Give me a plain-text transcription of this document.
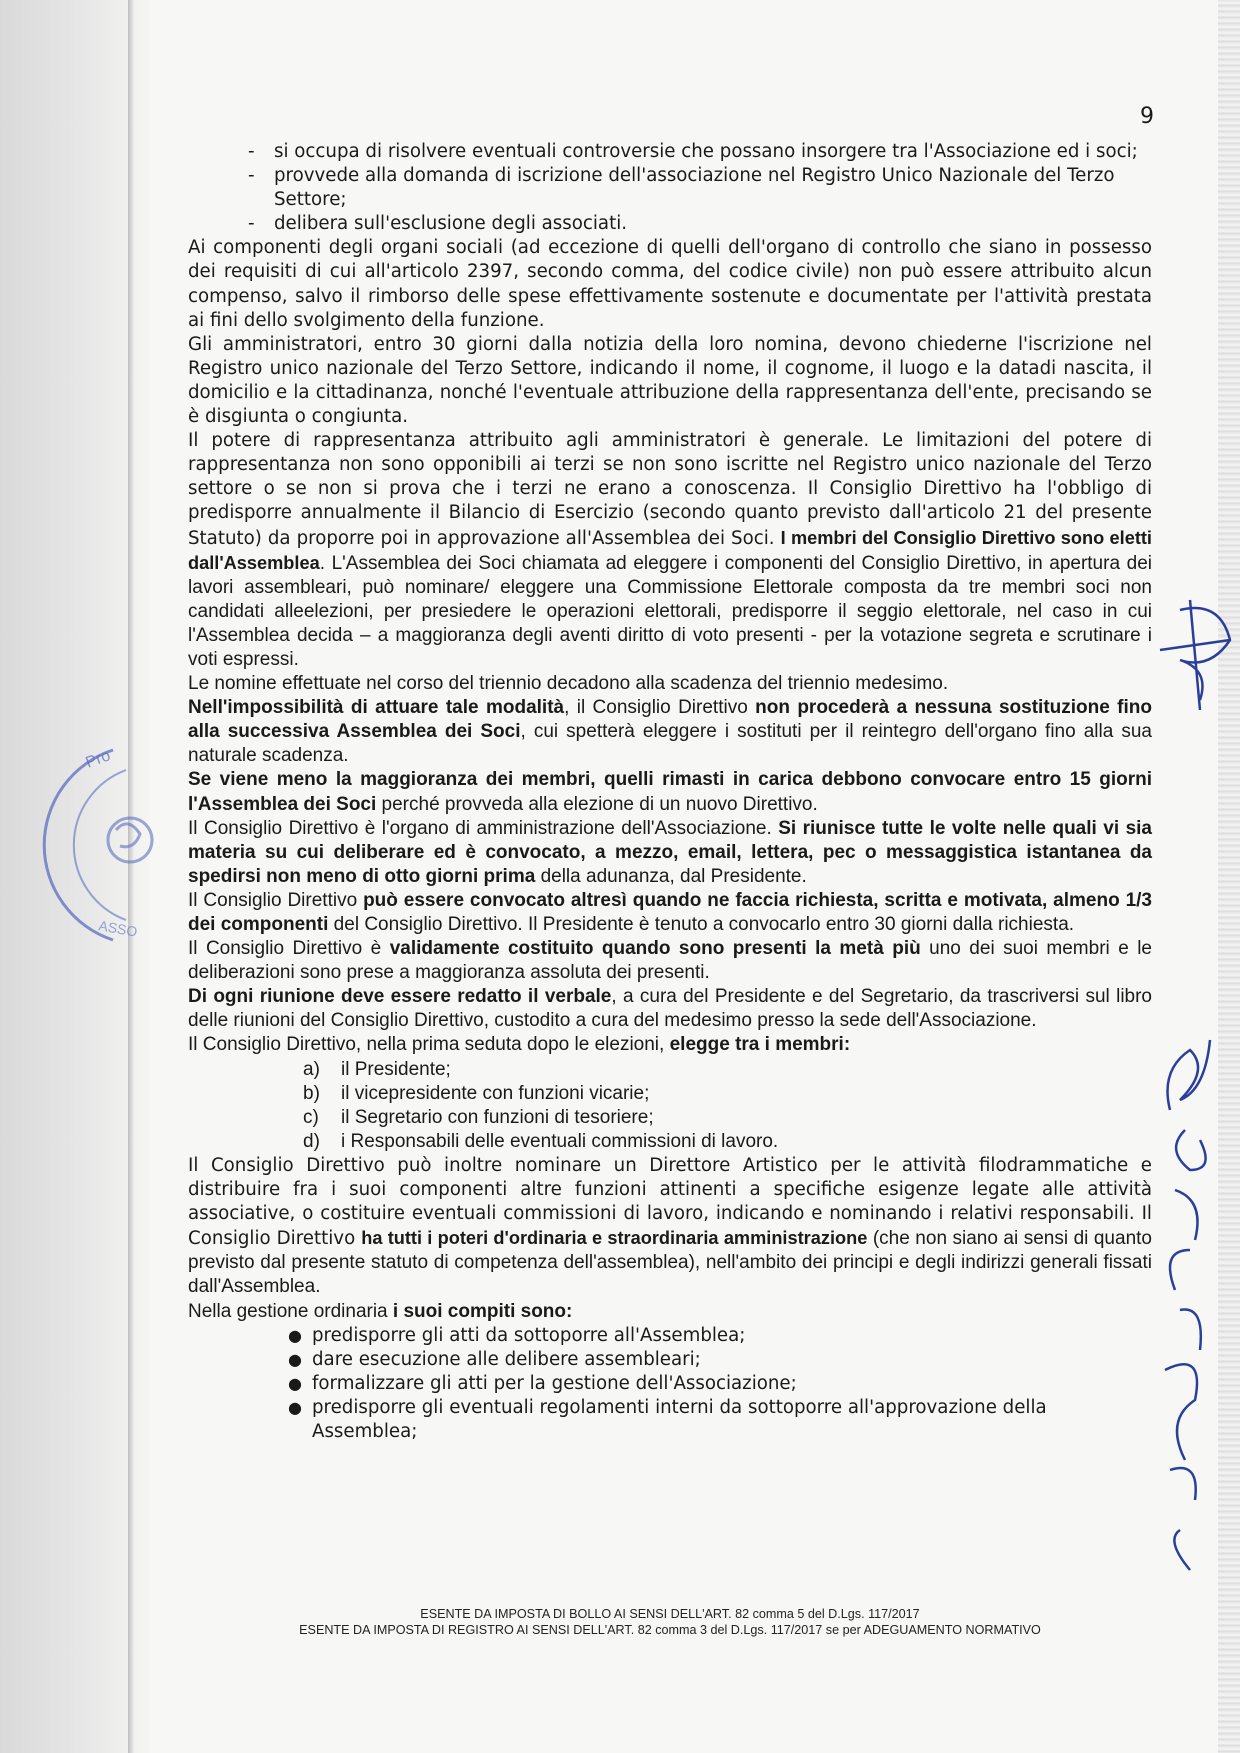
Pro
ASSO
9
-	si occupa di risolvere eventuali controversie che possano insorgere tra l'Associazione ed i soci;
-	provvede alla domanda di iscrizione dell'associazione nel Registro Unico Nazionale del Terzo Settore;
-	delibera sull'esclusione degli associati.

Ai componenti degli organi sociali (ad eccezione di quelli dell'organo di controllo che siano in possesso dei requisiti di cui all'articolo 2397, secondo comma, del codice civile) non può essere attribuito alcun compenso, salvo il rimborso delle spese effettivamente sostenute e documentate per l'attività prestata ai fini dello svolgimento della funzione.

Gli amministratori, entro 30 giorni dalla notizia della loro nomina, devono chiederne l'iscrizione nel Registro unico nazionale del Terzo Settore, indicando il nome, il cognome, il luogo e la datadi nascita, il domicilio e la cittadinanza, nonché l'eventuale attribuzione della rappresentanza dell'ente, precisando se è disgiunta o congiunta.

Il potere di rappresentanza attribuito agli amministratori è generale. Le limitazioni del potere di rappresentanza non sono opponibili ai terzi se non sono iscritte nel Registro unico nazionale del Terzo settore o se non si prova che i terzi ne erano a conoscenza. Il Consiglio Direttivo ha l'obbligo di predisporre annualmente il Bilancio di Esercizio (secondo quanto previsto dall'articolo 21 del presente Statuto) da proporre poi in approvazione all'Assemblea dei Soci. I membri del Consiglio Direttivo sono eletti dall'Assemblea. L'Assemblea dei Soci chiamata ad eleggere i componenti del Consiglio Direttivo, in apertura dei lavori assembleari, può nominare/ eleggere una Commissione Elettorale composta da tre membri soci non candidati alleelezioni, per presiedere le operazioni elettorali, predisporre il seggio elettorale, nel caso in cui l'Assemblea decida – a maggioranza degli aventi diritto di voto presenti - per la votazione segreta e scrutinare i voti espressi.

Le nomine effettuate nel corso del triennio decadono alla scadenza del triennio medesimo.

Nell'impossibilità di attuare tale modalità, il Consiglio Direttivo non procederà a nessuna sostituzione fino alla successiva Assemblea dei Soci, cui spetterà eleggere i sostituti per il reintegro dell'organo fino alla sua naturale scadenza.

Se viene meno la maggioranza dei membri, quelli rimasti in carica debbono convocare entro 15 giorni l'Assemblea dei Soci perché provveda alla elezione di un nuovo Direttivo.

Il Consiglio Direttivo è l'organo di amministrazione dell'Associazione. Si riunisce tutte le volte nelle quali vi sia materia su cui deliberare ed è convocato, a mezzo, email, lettera, pec o messaggistica istantanea da spedirsi non meno di otto giorni prima della adunanza, dal Presidente.

Il Consiglio Direttivo può essere convocato altresì quando ne faccia richiesta, scritta e motivata, almeno 1/3 dei componenti del Consiglio Direttivo. Il Presidente è tenuto a convocarlo entro 30 giorni dalla richiesta.

Il Consiglio Direttivo è validamente costituito quando sono presenti la metà più uno dei suoi membri e le deliberazioni sono prese a maggioranza assoluta dei presenti.

Di ogni riunione deve essere redatto il verbale, a cura del Presidente e del Segretario, da trascriversi sul libro delle riunioni del Consiglio Direttivo, custodito a cura del medesimo presso la sede dell'Associazione.

Il Consiglio Direttivo, nella prima seduta dopo le elezioni, elegge tra i membri:

a)	il Presidente;
b)	il vicepresidente con funzioni vicarie;
c)	il Segretario con funzioni di tesoriere;
d)	i Responsabili delle eventuali commissioni di lavoro.

Il Consiglio Direttivo può inoltre nominare un Direttore Artistico per le attività filodrammatiche e distribuire fra i suoi componenti altre funzioni attinenti a specifiche esigenze legate alle attività associative, o costituire eventuali commissioni di lavoro, indicando e nominando i relativi responsabili. Il Consiglio Direttivo ha tutti i poteri d'ordinaria e straordinaria amministrazione (che non siano ai sensi di quanto previsto dal presente statuto di competenza dell'assemblea), nell'ambito dei principi e degli indirizzi generali fissati dall'Assemblea.

Nella gestione ordinaria i suoi compiti sono:

● predisporre gli atti da sottoporre all'Assemblea;
● dare esecuzione alle delibere assembleari;
● formalizzare gli atti per la gestione dell'Associazione;
● predisporre gli eventuali regolamenti interni da sottoporre all'approvazione della Assemblea;
ESENTE DA IMPOSTA DI BOLLO AI SENSI DELL'ART. 82 comma 5 del D.Lgs. 117/2017
ESENTE DA IMPOSTA DI REGISTRO AI SENSI DELL'ART. 82 comma 3 del D.Lgs. 117/2017 se per ADEGUAMENTO NORMATIVO
